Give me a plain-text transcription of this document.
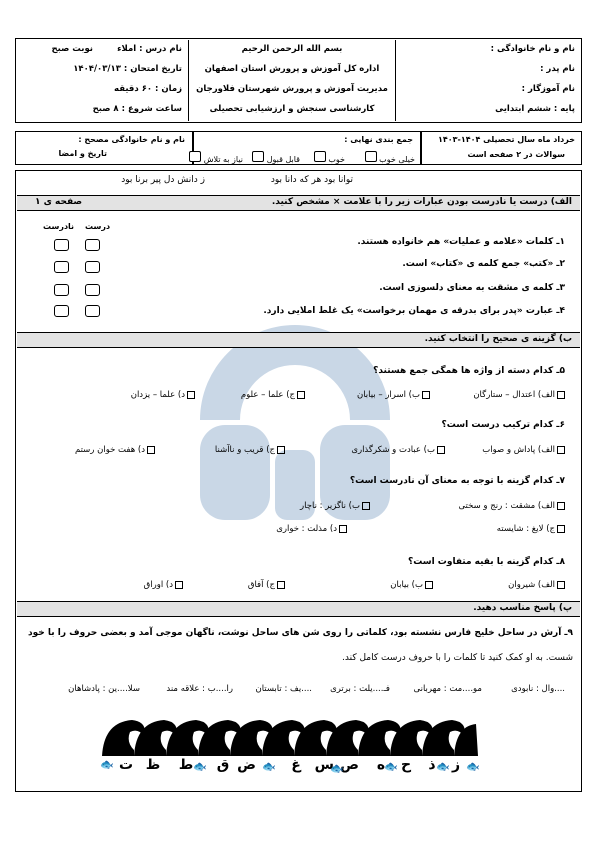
نام و نام خانوادگی :
نام پدر :
نام آموزگار :
پایه : ششم ابتدایی
بسم الله الرحمن الرحیم
اداره کل آموزش و پرورش استان اصفهان
مدیریت آموزش و پرورش شهرستان فلاورجان
کارشناسی سنجش و ارزشیابی تحصیلی
نام درس : املاء
نوبت صبح
تاریخ امتحان : ۱۴۰۴/۰۳/۱۳
زمان : ۶۰ دقیقه
ساعت شروع : ۸ صبح
خرداد ماه سال تحصیلی ۱۴۰۴-۱۴۰۳
سوالات در ۲ صفحه است
جمع بندی نهایی :
خیلی خوب
خوب
قابل قبول
نیاز به تلاش
نام و نام خانوادگی مصحح :
تاریخ و امضا
توانا بود هر که دانا بود
ز دانش دل پیر برنا بود
الف) درست یا نادرست بودن عبارات زیر را با علامت × مشخص کنید.
صفحه ی ۱
درست
نادرست
۱ـ کلمات «علامه و عملیات» هم خانواده هستند.
۲ـ «کتب» جمع کلمه ی «کتاب» است.
۳ـ کلمه ی مشقت به معنای دلسوزی است.
۴ـ عبارت «پدر برای بدرقه ی مهمان برخواست» یک غلط املایی دارد.
ب) گزینه ی صحیح را انتخاب کنید.
۵ـ کدام دسته از واژه ها همگی جمع هستند؟
الف) اعتدال – ستارگان
ب) اسرار – بیابان
ج) علما – علوم
د) علما – یزدان
۶ـ کدام ترکیب درست است؟
الف) پاداش و صواب
ب) عبادت و شکرگذاری
ج) قریب و ناآشنا
د) هفت خوان رستم
۷ـ کدام گزینه با توجه به معنای آن نادرست است؟
الف) مشقت : رنج و سختی
ب) ناگزیر : ناچار
ج) لایغ : شایسته
د) مذلت : خواری
۸ـ کدام گزینه با بقیه متفاوت است؟
الف) شیروان
ب) بیابان
ج) آفاق
د) اوراق
پ) پاسخ مناسب دهید.
۹ـ آرش در ساحل خلیج فارس نشسته بود، کلماتی را روی شن های ساحل نوشت، ناگهان موجی آمد و بعضی حروف را با خود
شست. به او کمک کنید تا کلمات را با حروف درست کامل کند.
....وال : نابودی
مو....مت : مهربانی
فـ....یلت : برتری
....یف : تابستان
را....ب : علاقه مند
سلا....ین : پادشاهان
ز
ذ
ح
ه
ص
س
غ
ض
ق
ط
ظ
ت
🐟	🐟	🐟	🐟	🐟	🐟 🐟
